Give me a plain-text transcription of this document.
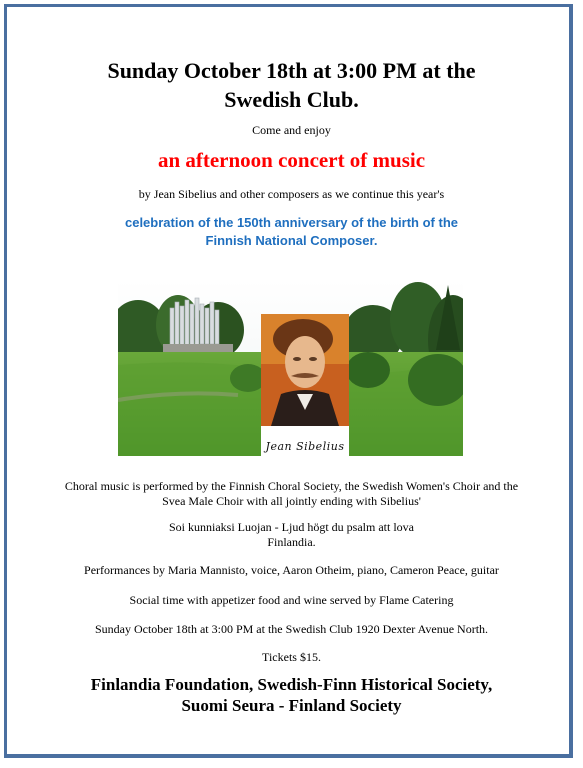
Sunday October 18th at 3:00 PM at the
Swedish Club.
Come and enjoy
an afternoon concert of music
by Jean Sibelius and other composers as we continue this year's
celebration of the 150th anniversary of the birth of the
Finnish National Composer.
Jean Sibelius
Choral music is performed by the Finnish Choral Society, the Swedish Women's Choir and the
Svea Male Choir with all jointly ending with Sibelius'
Soi kunniaksi Luojan - Ljud högt du psalm att lova
Finlandia.
Performances by Maria Mannisto, voice, Aaron Otheim, piano, Cameron Peace, guitar
Social time with appetizer food and wine served by Flame Catering
Sunday October 18th at 3:00 PM at the Swedish Club 1920 Dexter Avenue North.
Tickets $15.
Finlandia Foundation, Swedish-Finn Historical Society,
Suomi Seura - Finland Society
